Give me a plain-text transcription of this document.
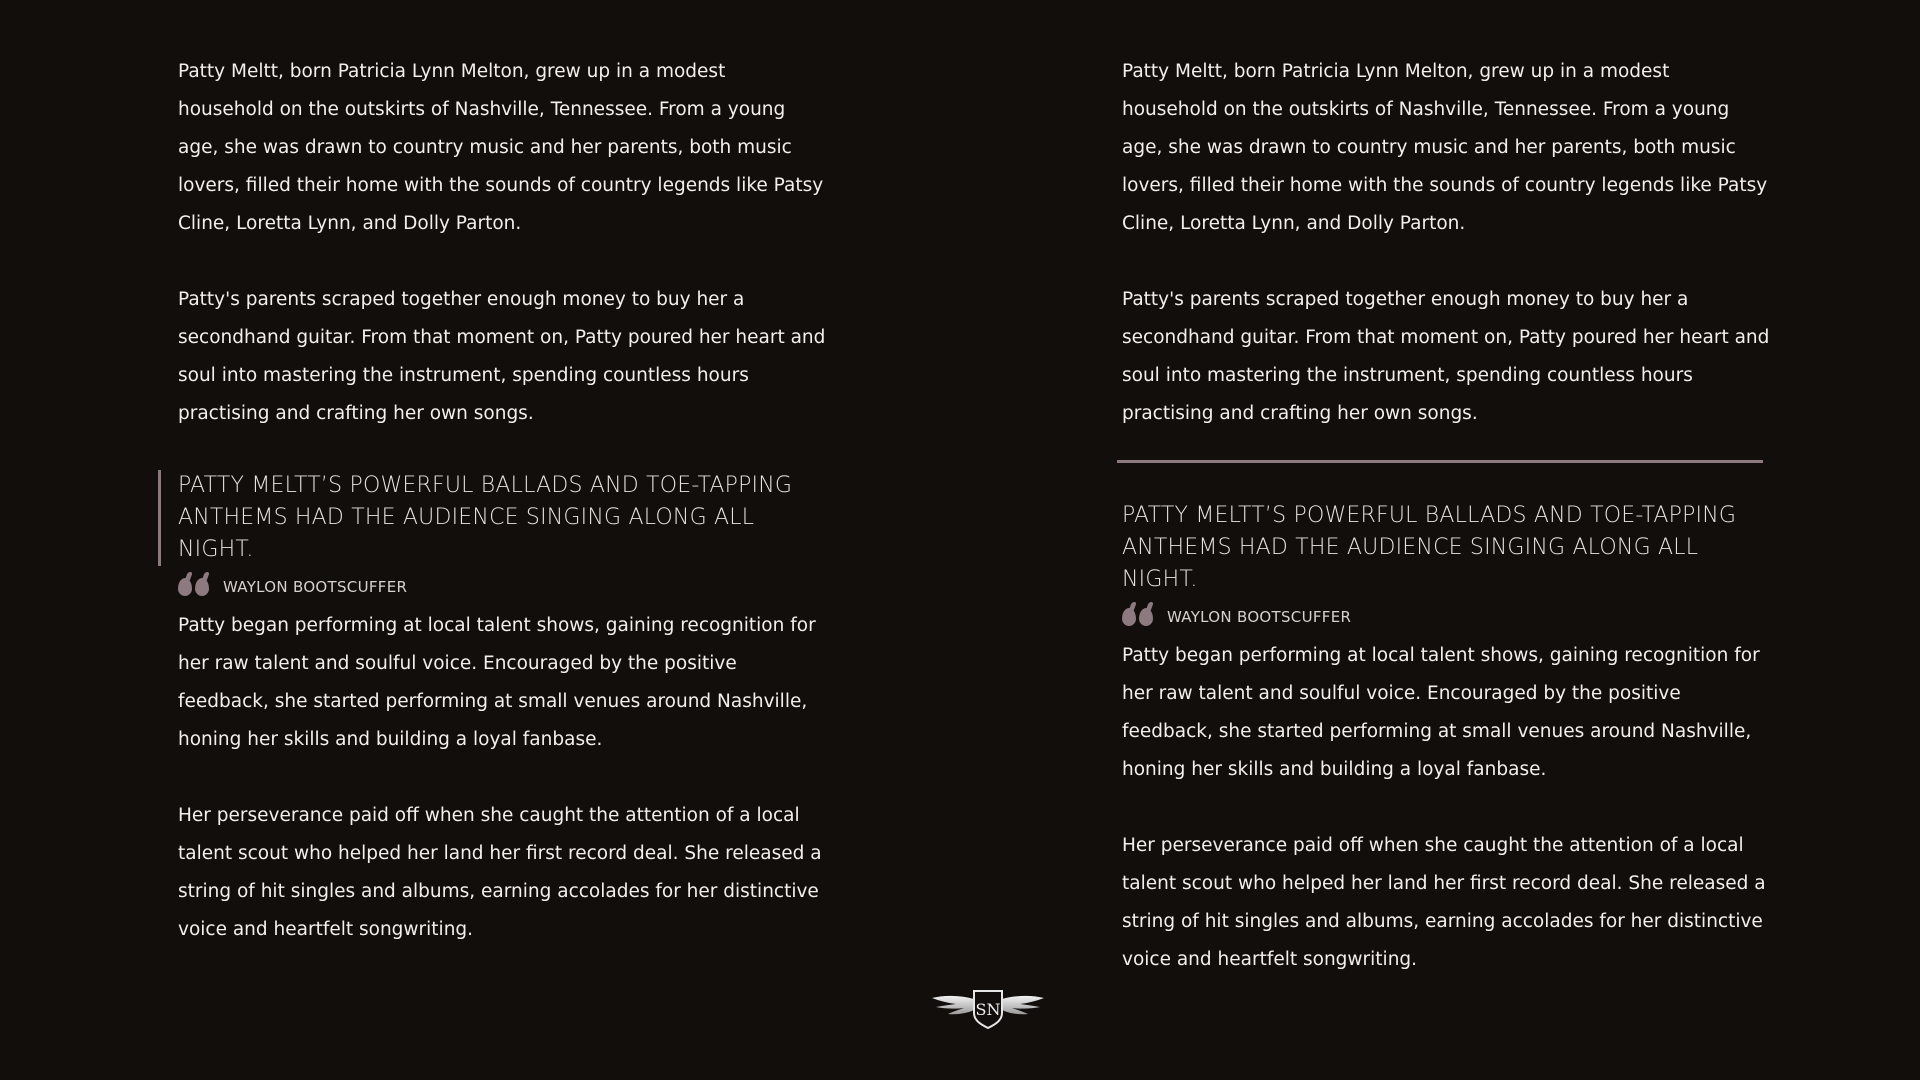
Patty Meltt, born Patricia Lynn Melton, grew up in a modest household on the outskirts of Nashville, Tennessee. From a young age, she was drawn to country music and her parents, both music lovers, filled their home with the sounds of country legends like Patsy Cline, Loretta Lynn, and Dolly Parton.

Patty's parents scraped together enough money to buy her a secondhand guitar. From that moment on, Patty poured her heart and soul into mastering the instrument, spending countless hours practising and crafting her own songs.

PATTY MELTT’S POWERFUL BALLADS AND TOE-TAPPING ANTHEMS HAD THE AUDIENCE SINGING ALONG ALL NIGHT.

WAYLON BOOTSCUFFER

Patty began performing at local talent shows, gaining recognition for her raw talent and soulful voice. Encouraged by the positive feedback, she started performing at small venues around Nashville, honing her skills and building a loyal fanbase.

Her perseverance paid off when she caught the attention of a local talent scout who helped her land her first record deal. She released a string of hit singles and albums, earning accolades for her distinctive voice and heartfelt songwriting.

Patty Meltt, born Patricia Lynn Melton, grew up in a modest household on the outskirts of Nashville, Tennessee. From a young age, she was drawn to country music and her parents, both music lovers, filled their home with the sounds of country legends like Patsy Cline, Loretta Lynn, and Dolly Parton.

Patty's parents scraped together enough money to buy her a secondhand guitar. From that moment on, Patty poured her heart and soul into mastering the instrument, spending countless hours practising and crafting her own songs.

PATTY MELTT’S POWERFUL BALLADS AND TOE-TAPPING ANTHEMS HAD THE AUDIENCE SINGING ALONG ALL NIGHT.

WAYLON BOOTSCUFFER

Patty began performing at local talent shows, gaining recognition for her raw talent and soulful voice. Encouraged by the positive feedback, she started performing at small venues around Nashville, honing her skills and building a loyal fanbase.

Her perseverance paid off when she caught the attention of a local talent scout who helped her land her first record deal. She released a string of hit singles and albums, earning accolades for her distinctive voice and heartfelt songwriting.

SN
